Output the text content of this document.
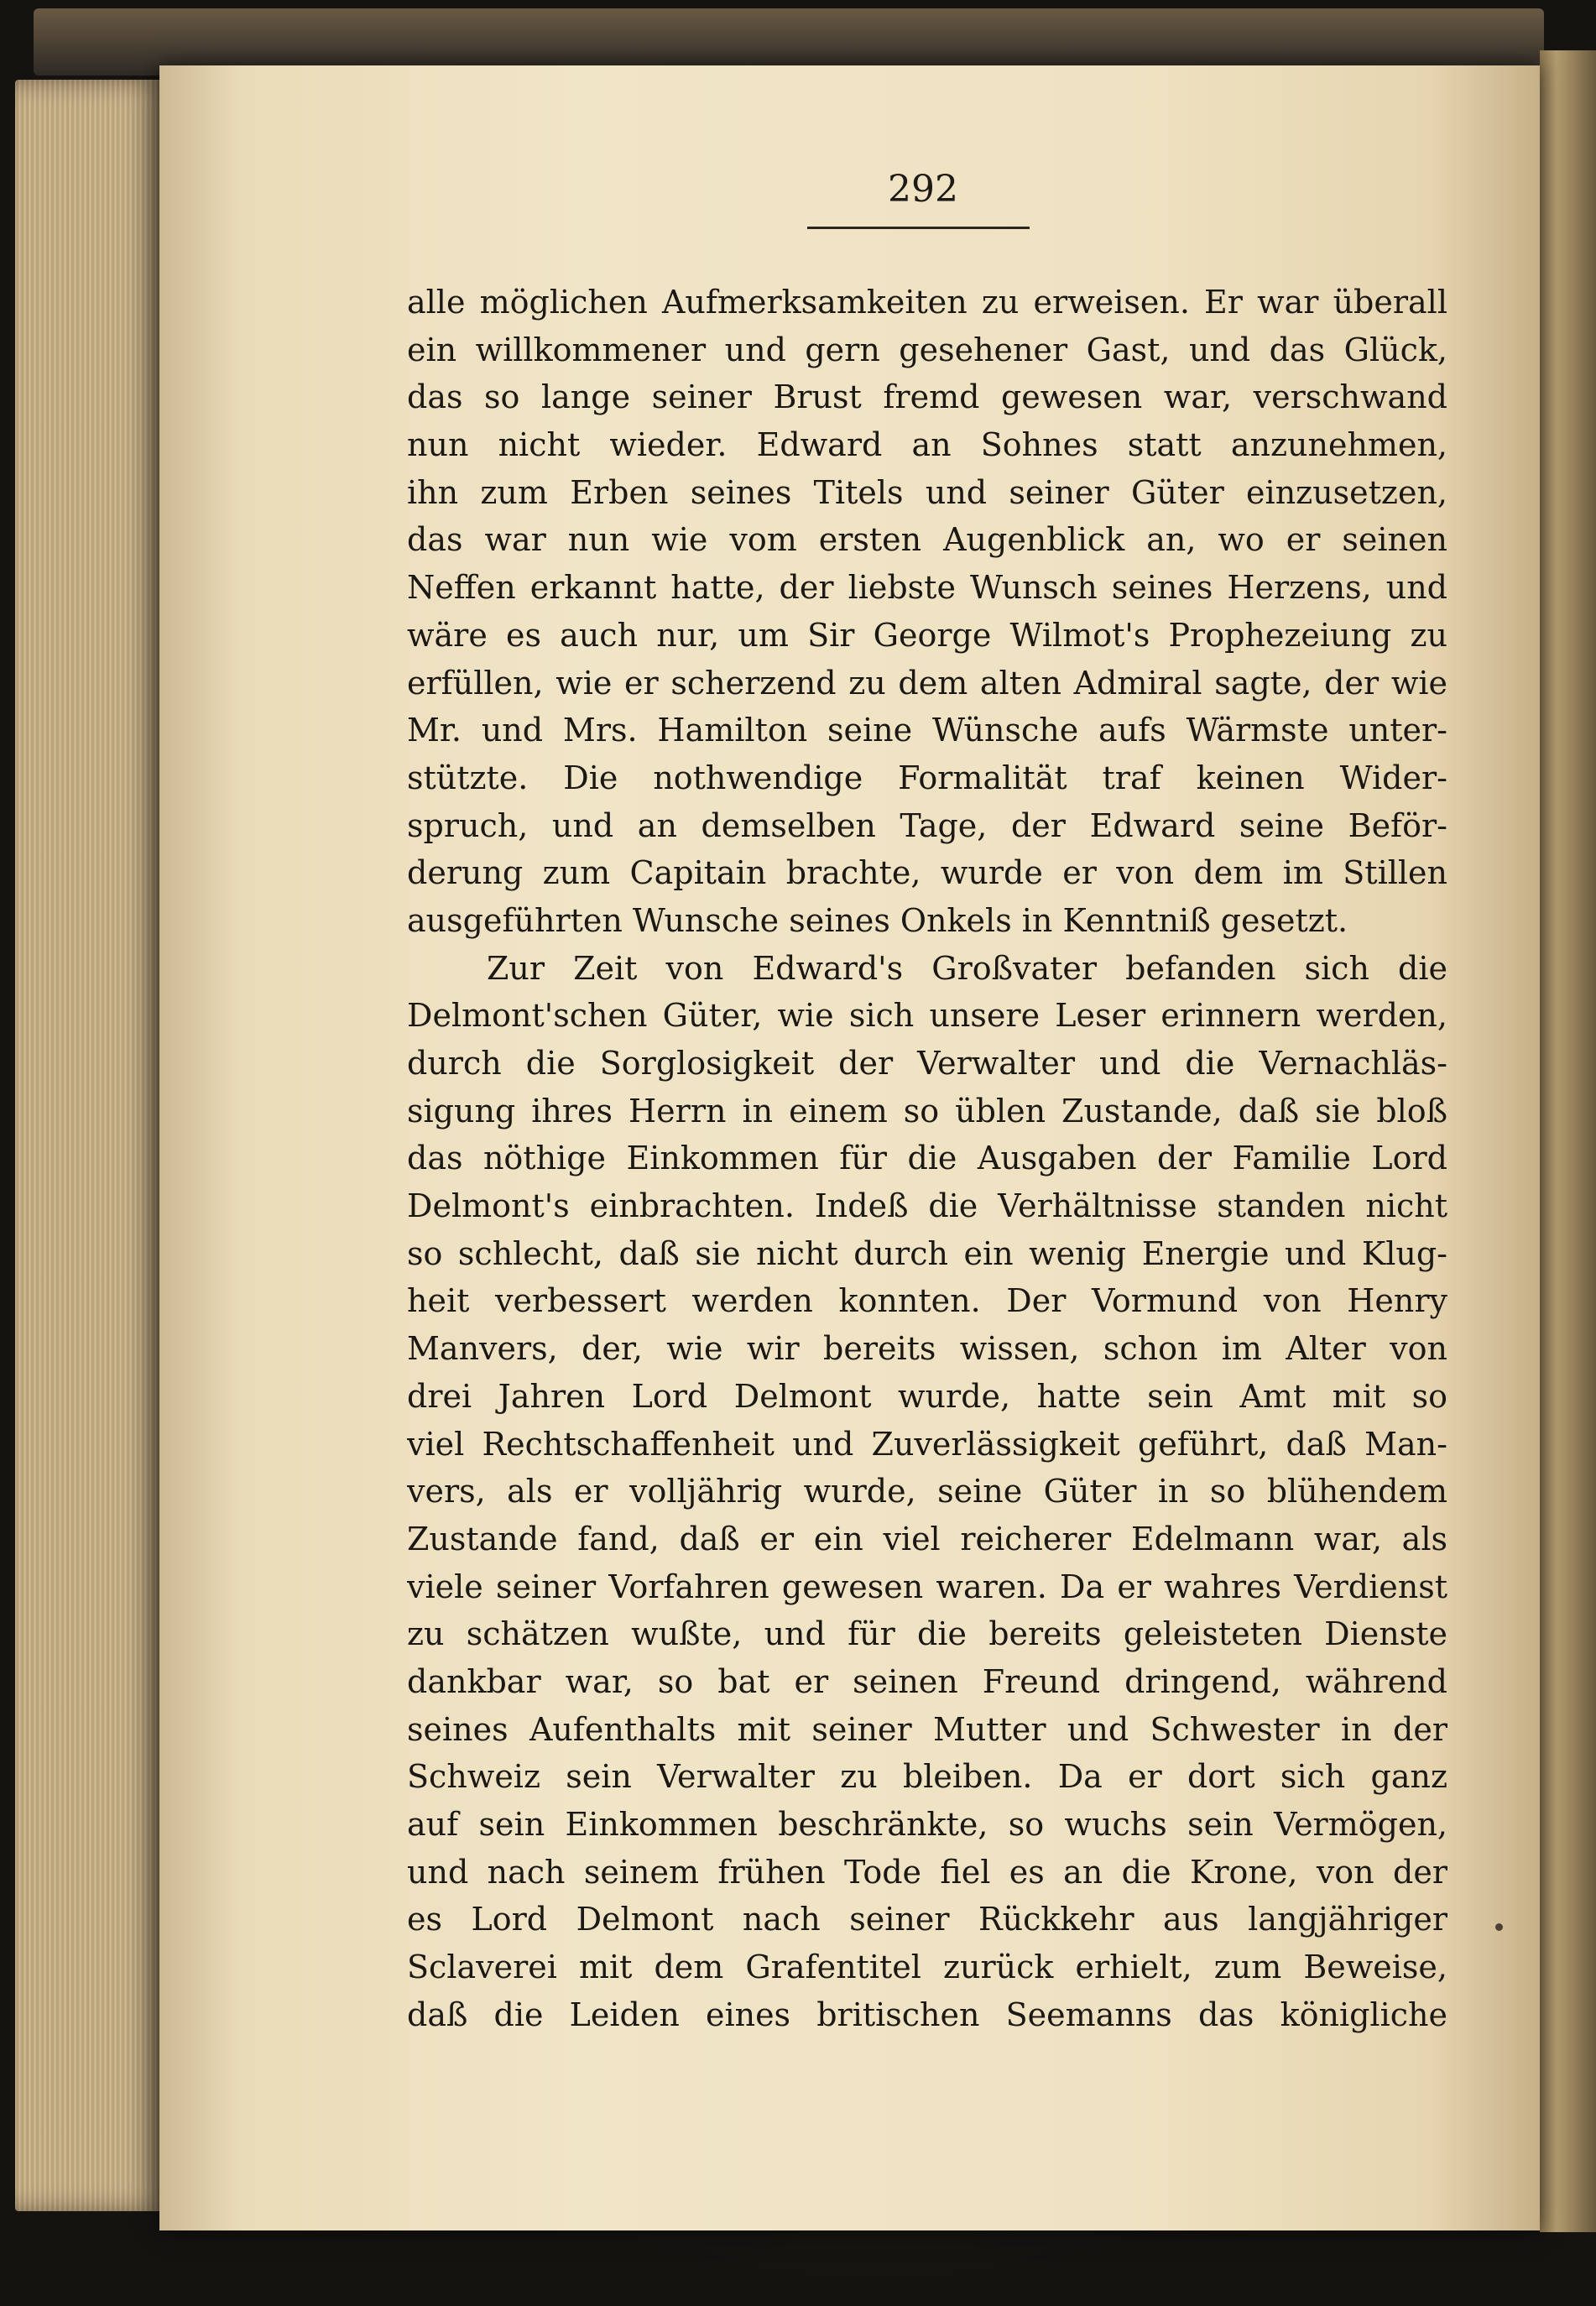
292
alle möglichen Aufmerksamkeiten zu erweisen. Er war überall
ein willkommener und gern gesehener Gast, und das Glück,
das so lange seiner Brust fremd gewesen war, verschwand
nun nicht wieder. Edward an Sohnes statt anzunehmen,
ihn zum Erben seines Titels und seiner Güter einzusetzen,
das war nun wie vom ersten Augenblick an, wo er seinen
Neffen erkannt hatte, der liebste Wunsch seines Herzens, und
wäre es auch nur, um Sir George Wilmot's Prophezeiung zu
erfüllen, wie er scherzend zu dem alten Admiral sagte, der wie
Mr. und Mrs. Hamilton seine Wünsche aufs Wärmste unter-
stützte. Die nothwendige Formalität traf keinen Wider-
spruch, und an demselben Tage, der Edward seine Beför-
derung zum Capitain brachte, wurde er von dem im Stillen
ausgeführten Wunsche seines Onkels in Kenntniß gesetzt.
Zur Zeit von Edward's Großvater befanden sich die
Delmont'schen Güter, wie sich unsere Leser erinnern werden,
durch die Sorglosigkeit der Verwalter und die Vernachläs-
sigung ihres Herrn in einem so üblen Zustande, daß sie bloß
das nöthige Einkommen für die Ausgaben der Familie Lord
Delmont's einbrachten. Indeß die Verhältnisse standen nicht
so schlecht, daß sie nicht durch ein wenig Energie und Klug-
heit verbessert werden konnten. Der Vormund von Henry
Manvers, der, wie wir bereits wissen, schon im Alter von
drei Jahren Lord Delmont wurde, hatte sein Amt mit so
viel Rechtschaffenheit und Zuverlässigkeit geführt, daß Man-
vers, als er volljährig wurde, seine Güter in so blühendem
Zustande fand, daß er ein viel reicherer Edelmann war, als
viele seiner Vorfahren gewesen waren. Da er wahres Verdienst
zu schätzen wußte, und für die bereits geleisteten Dienste
dankbar war, so bat er seinen Freund dringend, während
seines Aufenthalts mit seiner Mutter und Schwester in der
Schweiz sein Verwalter zu bleiben. Da er dort sich ganz
auf sein Einkommen beschränkte, so wuchs sein Vermögen,
und nach seinem frühen Tode fiel es an die Krone, von der
es Lord Delmont nach seiner Rückkehr aus langjähriger
Sclaverei mit dem Grafentitel zurück erhielt, zum Beweise,
daß die Leiden eines britischen Seemanns das königliche
